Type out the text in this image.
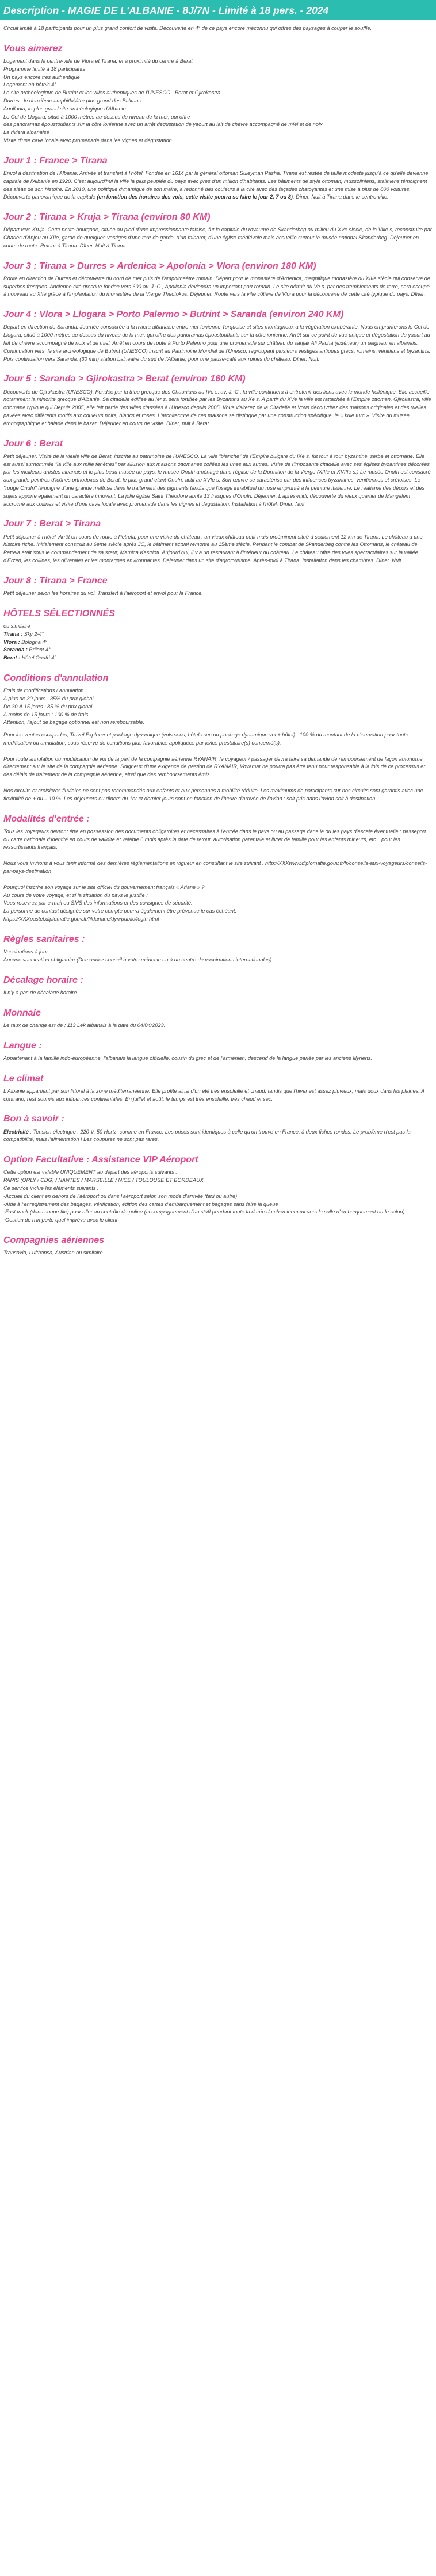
Description - MAGIE DE L'ALBANIE - 8J/7N - Limité à 18 pers. - 2024

Circuit limité à 18 participants pour un plus grand confort de visite. Découverte en 4° de ce pays encore méconnu qui offres des paysages à couper le souffle.

Vous aimerez
Logement dans le centre-ville de Vlora et Tirana, et à proximité du centre à Berat
Programme limité à 18 participants
Un pays encore très authentique
Logement en hôtels 4°
Le site archéologique de Butrint et les villes authentiques de l'UNESCO : Berat et Gjirokastra
Durres : le deuxième amphithéâtre plus grand des Balkans
Apollonia, le plus grand site archéologique d'Albanie
Le Col de Llogara, situé à 1000 mètres au-dessus du niveau de la mer, qui offre
des panoramas époustouflants sur la côte ionienne avec un arrêt dégustation de yaourt au lait de chèvre accompagné de miel et de noix
La riviera albanaise
Visite d'une cave locale avec promenade dans les vignes et dégustation
Jour 1 : France > Tirana

Envol à destination de l'Albanie. Arrivée et transfert à l'hôtel. Fondée en 1614 par le général ottoman Suleyman Pasha, Tirana est restée de taille modeste jusqu'à ce qu'elle devienne capitale de l'Albanie en 1920. C'est aujourd'hui la ville la plus peuplée du pays avec près d'un million d'habitants. Les bâtiments de style ottoman, mussoliniens, staliniens témoignent des aléas de son histoire. En 2010, une politique dynamique de son maire, a redonné des couleurs à la cité avec des façades chatoyantes et une mise à plus de 800 voitures. Découverte panoramique de la capitale (en fonction des horaires des vols, cette visite pourra se faire le jour 2, 7 ou 8). Dîner. Nuit à Tirana dans le centre-ville.

Jour 2 : Tirana > Kruja > Tirana (environ 80 KM)

Départ vers Kruja. Cette petite bourgade, située au pied d'une impressionnante falaise, fut la capitale du royaume de Skanderbeg au milieu du XVe siècle, de la Ville s, reconstruite par Charles d'Anjou au XIIe, garde de quelques vestiges d'une tour de garde, d'un minaret, d'une église médiévale mais accueille surtout le musée national Skanderbeg. Déjeuner en cours de route. Retour à Tirana. Dîner. Nuit à Tirana.

Jour 3 : Tirana > Durres > Ardenica > Apolonia > Vlora (environ 180 KM)

Route en direction de Durres et découverte du nord de mer puis de l'amphithéâtre romain. Départ pour le monastère d'Ardenica, magnifique monastère du XIIIe siècle qui conserve de superbes fresques. Ancienne cité grecque fondée vers 600 av. J.-C., Apollonia deviendra un important port romain. Le site détruit au Ve s. par des tremblements de terre, sera occupé à nouveau au XIIe grâce à l'implantation du monastère de la Vierge Theotokos. Déjeuner. Route vers la ville côtière de Vlora pour la découverte de cette cité typique du pays. Dîner.

Jour 4 : Vlora > Llogara > Porto Palermo > Butrint > Saranda (environ 240 KM)

Départ en direction de Saranda. Journée consacrée à la riviera albanaise entre mer Ionienne Turquoise et sites montagneux à la végétation exubérante. Nous emprunterons le Col de Llogara, situé à 1000 mètres au-dessus du niveau de la mer, qui offre des panoramas époustouflants sur la côte ionienne. Arrêt sur ce point de vue unique et dégustation du yaourt au lait de chèvre accompagné de noix et de miel. Arrêt en cours de route à Porto Palermo pour une promenade sur château du sanjak Ali Pacha (extérieur) un seigneur en albanais. Continuation vers, le site archéologique de Butrint (UNESCO) inscrit au Patrimoine Mondial de l'Unesco, regroupant plusieurs vestiges antiques grecs, romains, vénitiens et byzantins. Puis continuation vers Saranda, (30 min) station balnéaire du sud de l'Albanie, pour une pause-café aux ruines du château. Dîner. Nuit.

Jour 5 : Saranda > Gjirokastra > Berat (environ 160 KM)

Découverte de Gjirokastra (UNESCO). Fondée par la tribu grecque des Chaonians au IVe s. av. J.-C., la ville continuera à entretenir des liens avec le monde hellénique. Elle accueille notamment la minorité grecque d'Albanie. Sa citadelle édifiée au Ier s. sera fortifiée par les Byzantins au Xe s. A partir du XVe la ville est rattachée à l'Empire ottoman. Gjirokastra, ville ottomane typique qui Depuis 2005, elle fait partie des villes classées à l'Unesco depuis 2005. Vous visiterez de la Citadelle et Vous découvrirez des maisons originales et des ruelles pavées avec différents motifs aux couleurs noirs, blancs et roses. L'architecture de ces maisons se distingue par une construction spécifique, le « kule turc ». Visite du musée ethnographique et balade dans le bazar. Déjeuner en cours de visite. Dîner, nuit à Berat.

Jour 6 : Berat

Petit déjeuner. Visite de la vieille ville de Berat, inscrite au patrimoine de l'UNESCO. La ville "blanche" de l'Empire bulgare du IXe s. fut tour à tour byzantine, serbe et ottomane. Elle est aussi surnommée "la ville aux mille fenêtres" par allusion aux maisons ottomanes collées les unes aux autres. Visite de l'imposante citadelle avec ses églises byzantines décorées par les meilleurs artistes albanais et le plus beau musée du pays, le musée Onufri aménagé dans l'église de la Dormition de la Vierge (XIIIe et XVIIIe s.) Le musée Onufri est consacré aux grands peintres d'icônes orthodoxes de Berat, le plus grand étant Onufri, actif au XVIe s. Son œuvre se caractérise par des influences byzantines, vénitiennes et crétoises. Le "rouge Onufri" témoigne d'une grande maîtrise dans le traitement des pigments tandis que l'usage inhabituel du rose emprunté à la peinture italienne. Le réalisme des décors et des sujets apporte également un caractère innovant. La jolie église Saint Théodore abrite 13 fresques d'Onufri. Déjeuner. L'après-midi, découverte du vieux quartier de Mangalem accroché aux collines et visite d'une cave locale avec promenade dans les vignes et dégustation. Installation à l'hôtel. Dîner. Nuit.

Jour 7 : Berat > Tirana

Petit déjeuner à l'hôtel. Arrêt en cours de route à Petrela, pour une visite du château : un vieux château petit mais proéminent situé à seulement 12 km de Tirana. Le château a une histoire riche. Initialement construit au 6ème siècle après JC, le bâtiment actuel remonte au 15ème siècle. Pendant le combat de Skanderbeg contre les Ottomans, le château de Petrela était sous le commandement de sa sœur, Mamica Kastrioti. Aujourd'hui, il y a un restaurant à l'intérieur du château. Le château offre des vues spectaculaires sur la vallée d'Erzen, les collines, les oliveraies et les montagnes environnantes. Déjeuner dans un site d'agrotourisme. Après-midi à Tirana. Installation dans les chambres. Dîner. Nuit.

Jour 8 : Tirana > France

Petit déjeuner selon les horaires du vol. Transfert à l'aéroport et envol pour la France.

HÔTELS SÉLECTIONNÉS
ou similaire
Tirana : Sky 2-4°
Vlora : Bologna 4°
Saranda : Brilant 4°
Berat : Hôtel Onufri 4°
Conditions d'annulation
Frais de modifications / annulation :
A plus de 30 jours : 35% du prix global
De 30 À 15 jours : 85 % du prix global
A moins de 15 jours : 100 % de frais
Attention, l'ajout de bagage optionnel est non remboursable.

Pour les ventes escapades, Travel Explorer et package dynamique (vols secs, hôtels sec ou package dynamique vol + hôtel) : 100 % du montant de la réservation pour toute modification ou annulation, sous réserve de conditions plus favorables appliquées par le/les prestataire(s) concerné(s).

Pour toute annulation ou modification de vol de la part de la compagnie aérienne RYANAIR, le voyageur / passager devra faire sa demande de remboursement de façon autonome directement sur le site de la compagnie aérienne. Soigneux d'une exigence de gestion de RYANAIR, Voyamar ne pourra pas être tenu pour responsable à la fois de ce processus et des délais de traitement de la compagnie aérienne, ainsi que des remboursements émis.

Nos circuits et croisières fluviales ne sont pas recommandés aux enfants et aux personnes à mobilité réduite. Les maximums de participants sur nos circuits sont garantis avec une flexibilité de + ou – 10 %. Les déjeuners ou dîners du 1er et dernier jours sont en fonction de l'heure d'arrivée de l'avion : soit pris dans l'avion soit à destination.

Modalités d'entrée :

Tous les voyageurs devront être en possession des documents obligatoires et nécessaires à l'entrée dans le pays ou au passage dans le ou les pays d'escale éventuelle : passeport ou carte nationale d'identité en cours de validité et valable 6 mois après la date de retour, autorisation parentale et livret de famille pour les enfants mineurs, etc…pour les ressortissants français.

Nous vous invitons à vous tenir informé des dernières réglementations en vigueur en consultant le site suivant : http://XXXwww.diplomatie.gouv.fr/fr/conseils-aux-voyageurs/conseils-par-pays-destination

Pourquoi inscrire son voyage sur le site officiel du gouvernement français « Ariane » ?
Au cours de votre voyage, et si la situation du pays le justifie :
Vous recevrez par e-mail ou SMS des informations et des consignes de sécurité.
La personne de contact désignée sur votre compte pourra également être prévenue le cas échéant.
https://XXXpastel.diplomatie.gouv.fr/fildariane/dyn/public/login.html
Règles sanitaires :
Vaccinations à jour.
Aucune vaccination obligatoire (Demandez conseil à votre médecin ou à un centre de vaccinations internationales).
Décalage horaire :

Il n'y a pas de décalage horaire

Monnaie

Le taux de change est de : 113 Lek albanais à la date du 04/04/2023.

Langue :

Appartenant à la famille indo-européenne, l'albanais la langue officielle, cousin du grec et de l'arménien, descend de la langue parlée par les anciens Illyriens.

Le climat

L'Albanie appartient par son littoral à la zone méditerranéenne. Elle profite ainsi d'un été très ensoleillé et chaud, tandis que l'hiver est assez pluvieux, mais doux dans les plaines. A contrario, l'est soumis aux influences continentales. En juillet et août, le temps est très ensoleillé, très chaud et sec.

Bon à savoir :

Electricité : Tension électrique : 220 V, 50 Hertz, comme en France. Les prises sont identiques à celle qu'on trouve en France, à deux fiches rondes. Le problème n'est pas la compatibilité, mais l'alimentation ! Les coupures ne sont pas rares.

Option Facultative : Assistance VIP Aéroport
Cette option est valable UNIQUEMENT au départ des aéroports suivants :
PARIS (ORLY / CDG) / NANTES / MARSEILLE / NICE / TOULOUSE ET BORDEAUX
Ce service inclue les éléments suivants :
-Accueil du client en dehors de l'aéroport ou dans l'aéroport selon son mode d'arrivée (taxi ou autre)
-Aide à l'enregistrement des bagages, vérification, édition des cartes d'embarquement et bagages sans faire la queue
-Fast track (dans coupe file) pour aller au contrôle de police (accompagnement d'un staff pendant toute la durée du cheminement vers la salle d'embarquement ou le salon)
-Gestion de n'importe quel imprévu avec le client
Compagnies aériennes

Transavia, Lufthansa, Austrian ou similaire
